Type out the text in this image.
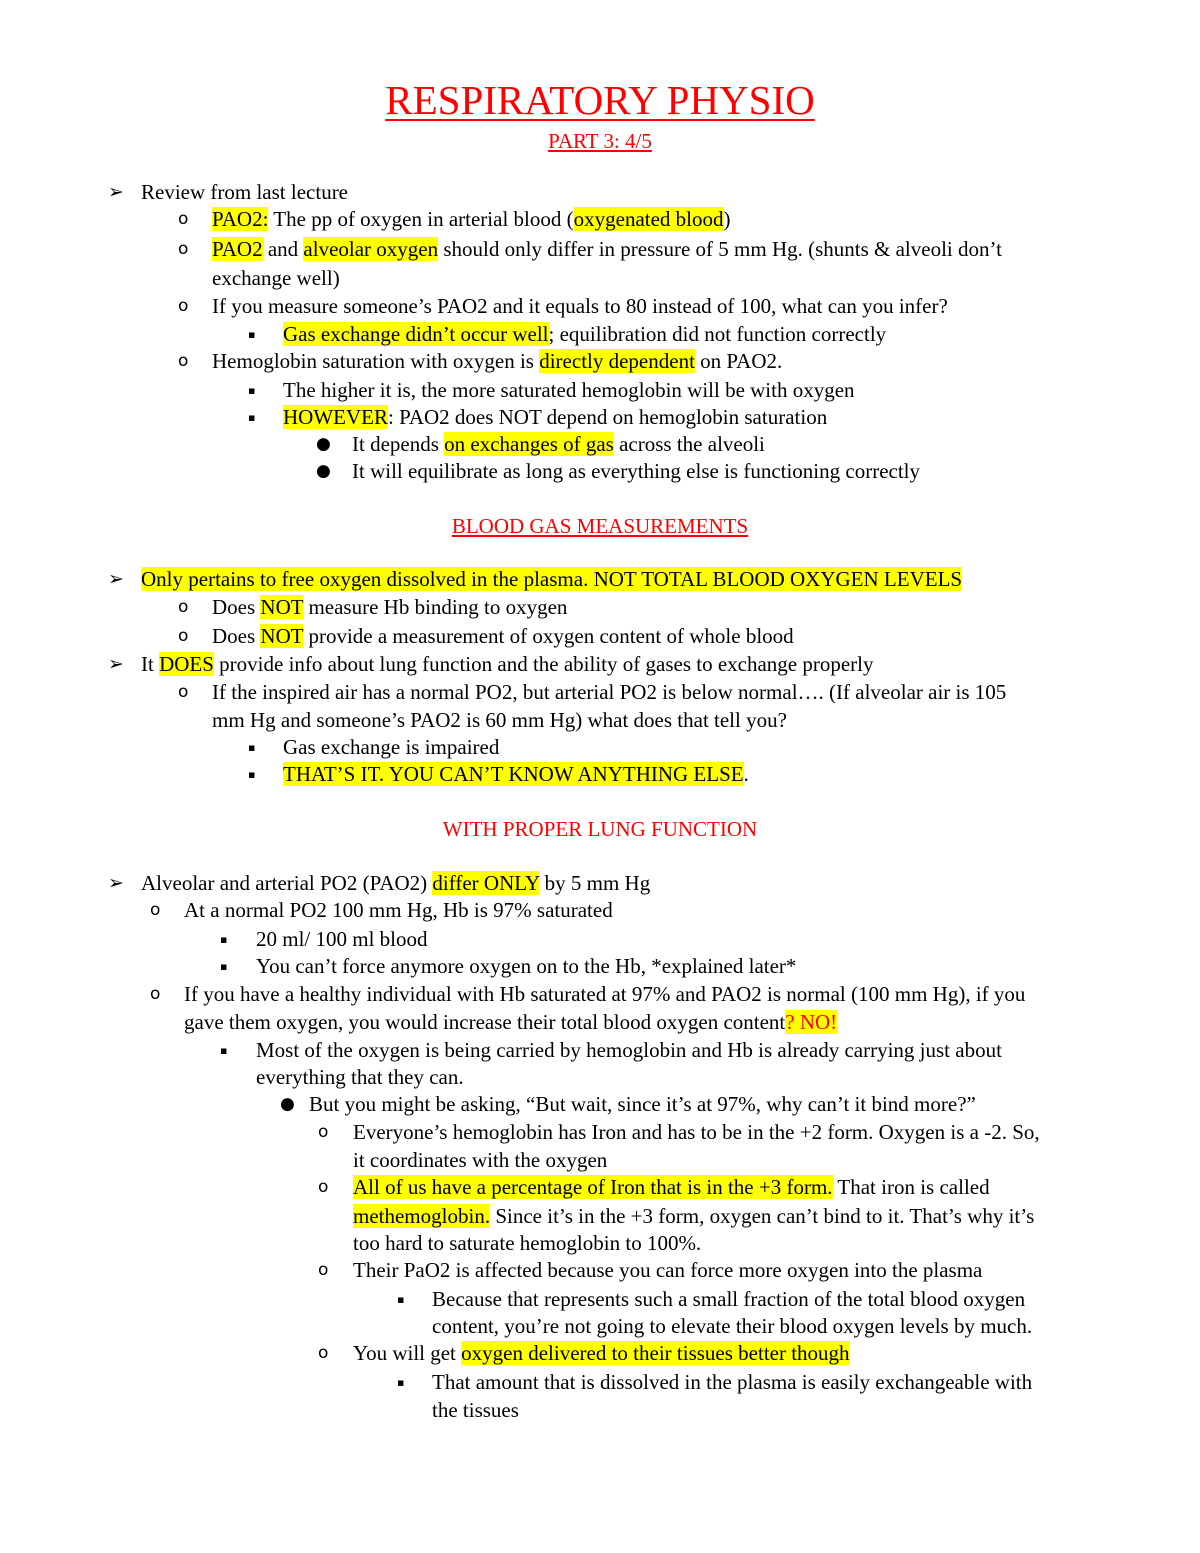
RESPIRATORY PHYSIO
PART 3: 4/5
➢ Review from last lecture
o PAO2: The pp of oxygen in arterial blood (oxygenated blood)
o PAO2 and alveolar oxygen should only differ in pressure of 5 mm Hg. (shunts & alveoli don’t
exchange well)
o If you measure someone’s PAO2 and it equals to 80 instead of 100, what can you infer?
▪ Gas exchange didn’t occur well; equilibration did not function correctly
o Hemoglobin saturation with oxygen is directly dependent on PAO2.
▪ The higher it is, the more saturated hemoglobin will be with oxygen
▪ HOWEVER: PAO2 does NOT depend on hemoglobin saturation
● It depends on exchanges of gas across the alveoli
● It will equilibrate as long as everything else is functioning correctly
BLOOD GAS MEASUREMENTS
➢ Only pertains to free oxygen dissolved in the plasma. NOT TOTAL BLOOD OXYGEN LEVELS
o Does NOT measure Hb binding to oxygen
o Does NOT provide a measurement of oxygen content of whole blood
➢ It DOES provide info about lung function and the ability of gases to exchange properly
o If the inspired air has a normal PO2, but arterial PO2 is below normal…. (If alveolar air is 105
mm Hg and someone’s PAO2 is 60 mm Hg) what does that tell you?
▪ Gas exchange is impaired
▪ THAT’S IT. YOU CAN’T KNOW ANYTHING ELSE.
WITH PROPER LUNG FUNCTION
➢ Alveolar and arterial PO2 (PAO2) differ ONLY by 5 mm Hg
o At a normal PO2 100 mm Hg, Hb is 97% saturated
▪ 20 ml/ 100 ml blood
▪ You can’t force anymore oxygen on to the Hb, *explained later*
o If you have a healthy individual with Hb saturated at 97% and PAO2 is normal (100 mm Hg), if you
gave them oxygen, you would increase their total blood oxygen content? NO!
▪ Most of the oxygen is being carried by hemoglobin and Hb is already carrying just about
everything that they can.
● But you might be asking, “But wait, since it’s at 97%, why can’t it bind more?”
o Everyone’s hemoglobin has Iron and has to be in the +2 form. Oxygen is a -2. So,
it coordinates with the oxygen
o All of us have a percentage of Iron that is in the +3 form. That iron is called
methemoglobin. Since it’s in the +3 form, oxygen can’t bind to it. That’s why it’s
too hard to saturate hemoglobin to 100%.
o Their PaO2 is affected because you can force more oxygen into the plasma
▪ Because that represents such a small fraction of the total blood oxygen
content, you’re not going to elevate their blood oxygen levels by much.
o You will get oxygen delivered to their tissues better though
▪ That amount that is dissolved in the plasma is easily exchangeable with
the tissues
